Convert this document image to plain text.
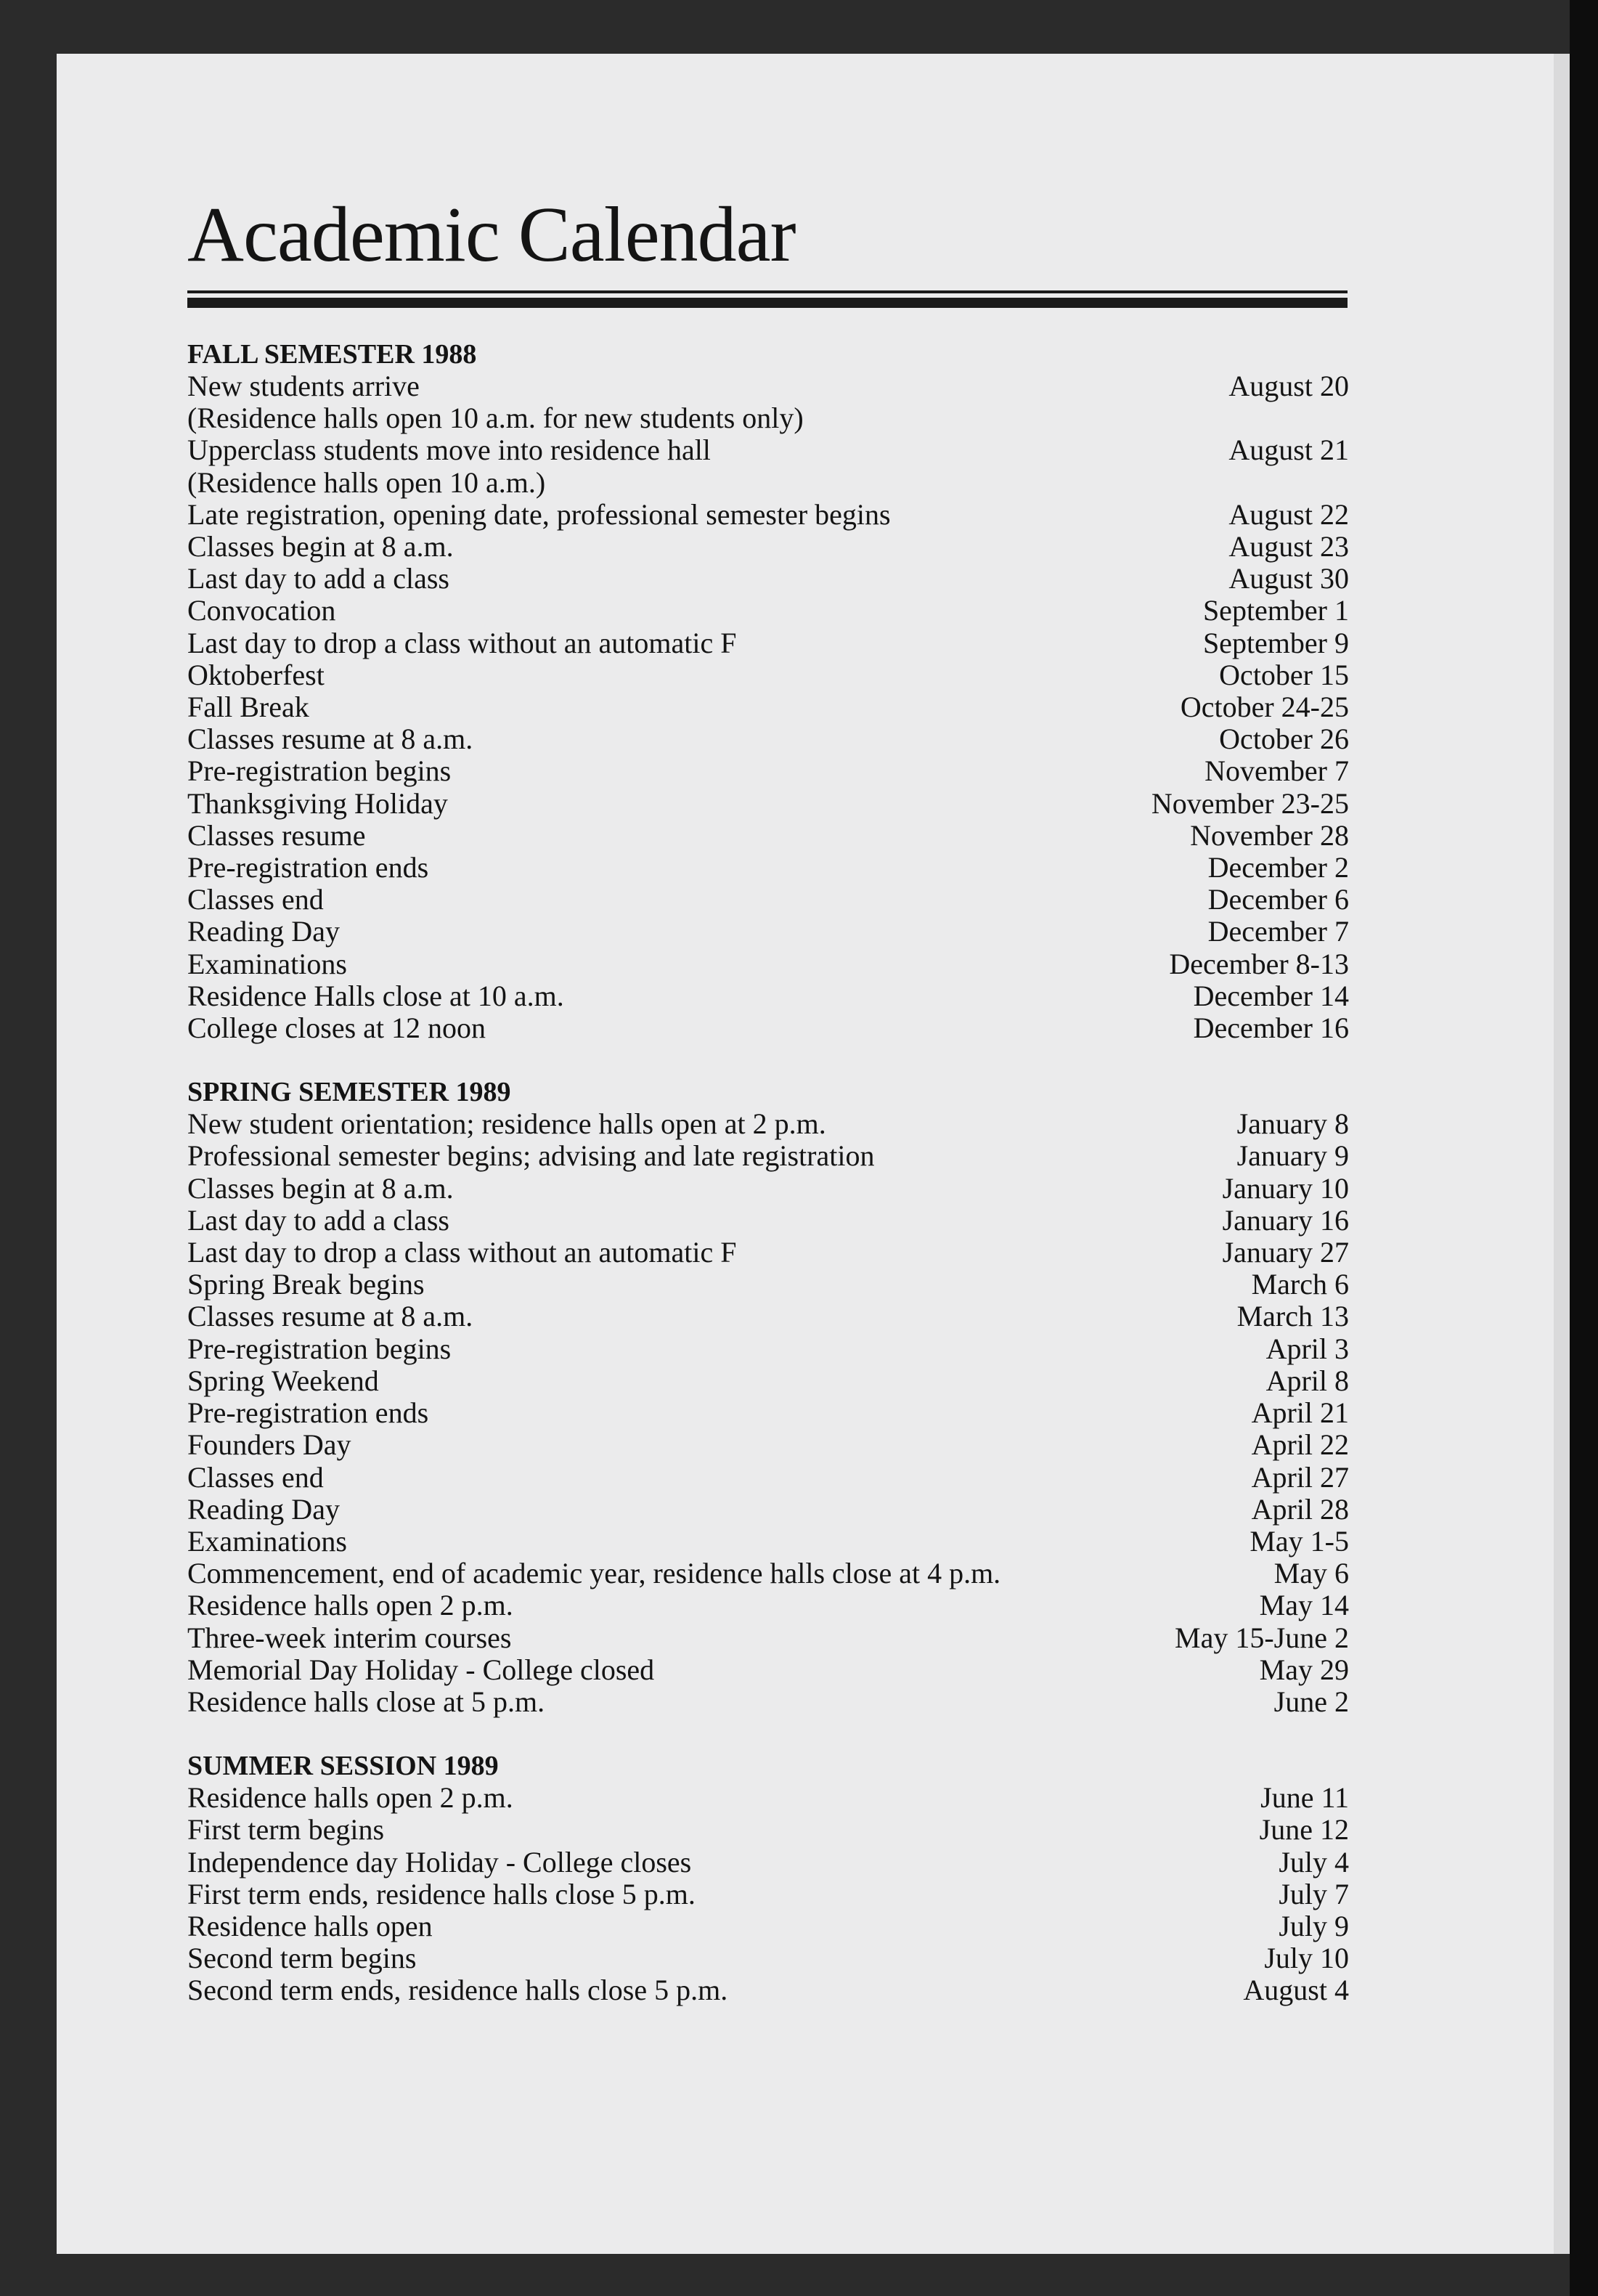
Academic Calendar
FALL SEMESTER 1988
New students arrive	August 20
(Residence halls open 10 a.m. for new students only)
Upperclass students move into residence hall	August 21
(Residence halls open 10 a.m.)
Late registration, opening date, professional semester begins	August 22
Classes begin at 8 a.m.	August 23
Last day to add a class	August 30
Convocation	September 1
Last day to drop a class without an automatic F	September 9
Oktoberfest	October 15
Fall Break	October 24-25
Classes resume at 8 a.m.	October 26
Pre-registration begins	November 7
Thanksgiving Holiday	November 23-25
Classes resume	November 28
Pre-registration ends	December 2
Classes end	December 6
Reading Day	December 7
Examinations	December 8-13
Residence Halls close at 10 a.m.	December 14
College closes at 12 noon	December 16
SPRING SEMESTER 1989
New student orientation; residence halls open at 2 p.m.	January 8
Professional semester begins; advising and late registration	January 9
Classes begin at 8 a.m.	January 10
Last day to add a class	January 16
Last day to drop a class without an automatic F	January 27
Spring Break begins	March 6
Classes resume at 8 a.m.	March 13
Pre-registration begins	April 3
Spring Weekend	April 8
Pre-registration ends	April 21
Founders Day	April 22
Classes end	April 27
Reading Day	April 28
Examinations	May 1-5
Commencement, end of academic year, residence halls close at 4 p.m.	May 6
Residence halls open 2 p.m.	May 14
Three-week interim courses	May 15-June 2
Memorial Day Holiday - College closed	May 29
Residence halls close at 5 p.m.	June 2
SUMMER SESSION 1989
Residence halls open 2 p.m.	June 11
First term begins	June 12
Independence day Holiday - College closes	July 4
First term ends, residence halls close 5 p.m.	July 7
Residence halls open	July 9
Second term begins	July 10
Second term ends, residence halls close 5 p.m.	August 4
